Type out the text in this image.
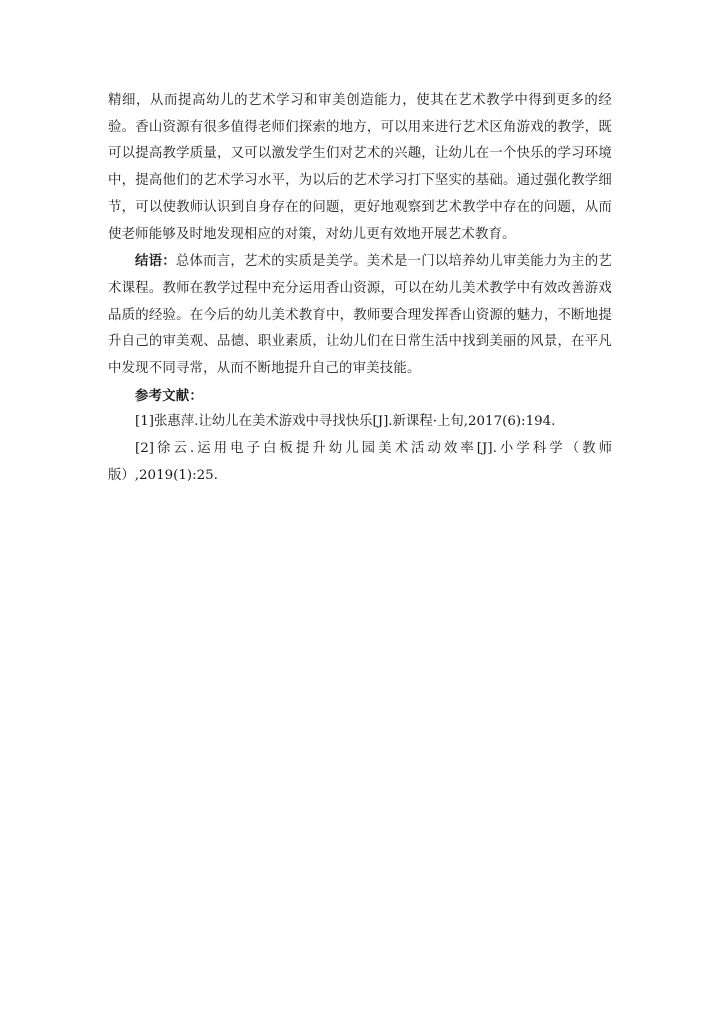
精细，从而提高幼儿的艺术学习和审美创造能力，使其在艺术教学中得到更多的经验。香山资源有很多值得老师们探索的地方，可以用来进行艺术区角游戏的教学，既可以提高教学质量，又可以激发学生们对艺术的兴趣，让幼儿在一个快乐的学习环境中，提高他们的艺术学习水平，为以后的艺术学习打下坚实的基础。通过强化教学细节，可以使教师认识到自身存在的问题，更好地观察到艺术教学中存在的问题，从而使老师能够及时地发现相应的对策，对幼儿更有效地开展艺术教育。

结语：总体而言，艺术的实质是美学。美术是一门以培养幼儿审美能力为主的艺术课程。教师在教学过程中充分运用香山资源，可以在幼儿美术教学中有效改善游戏品质的经验。在今后的幼儿美术教育中，教师要合理发挥香山资源的魅力，不断地提升自己的审美观、品德、职业素质，让幼儿们在日常生活中找到美丽的风景，在平凡中发现不同寻常，从而不断地提升自己的审美技能。

参考文献：

[1]张惠萍.让幼儿在美术游戏中寻找快乐[J].新课程·上旬,2017(6):194.

[2]徐云.运用电子白板提升幼儿园美术活动效率[J].小学科学（教师版）,2019(1):25.
